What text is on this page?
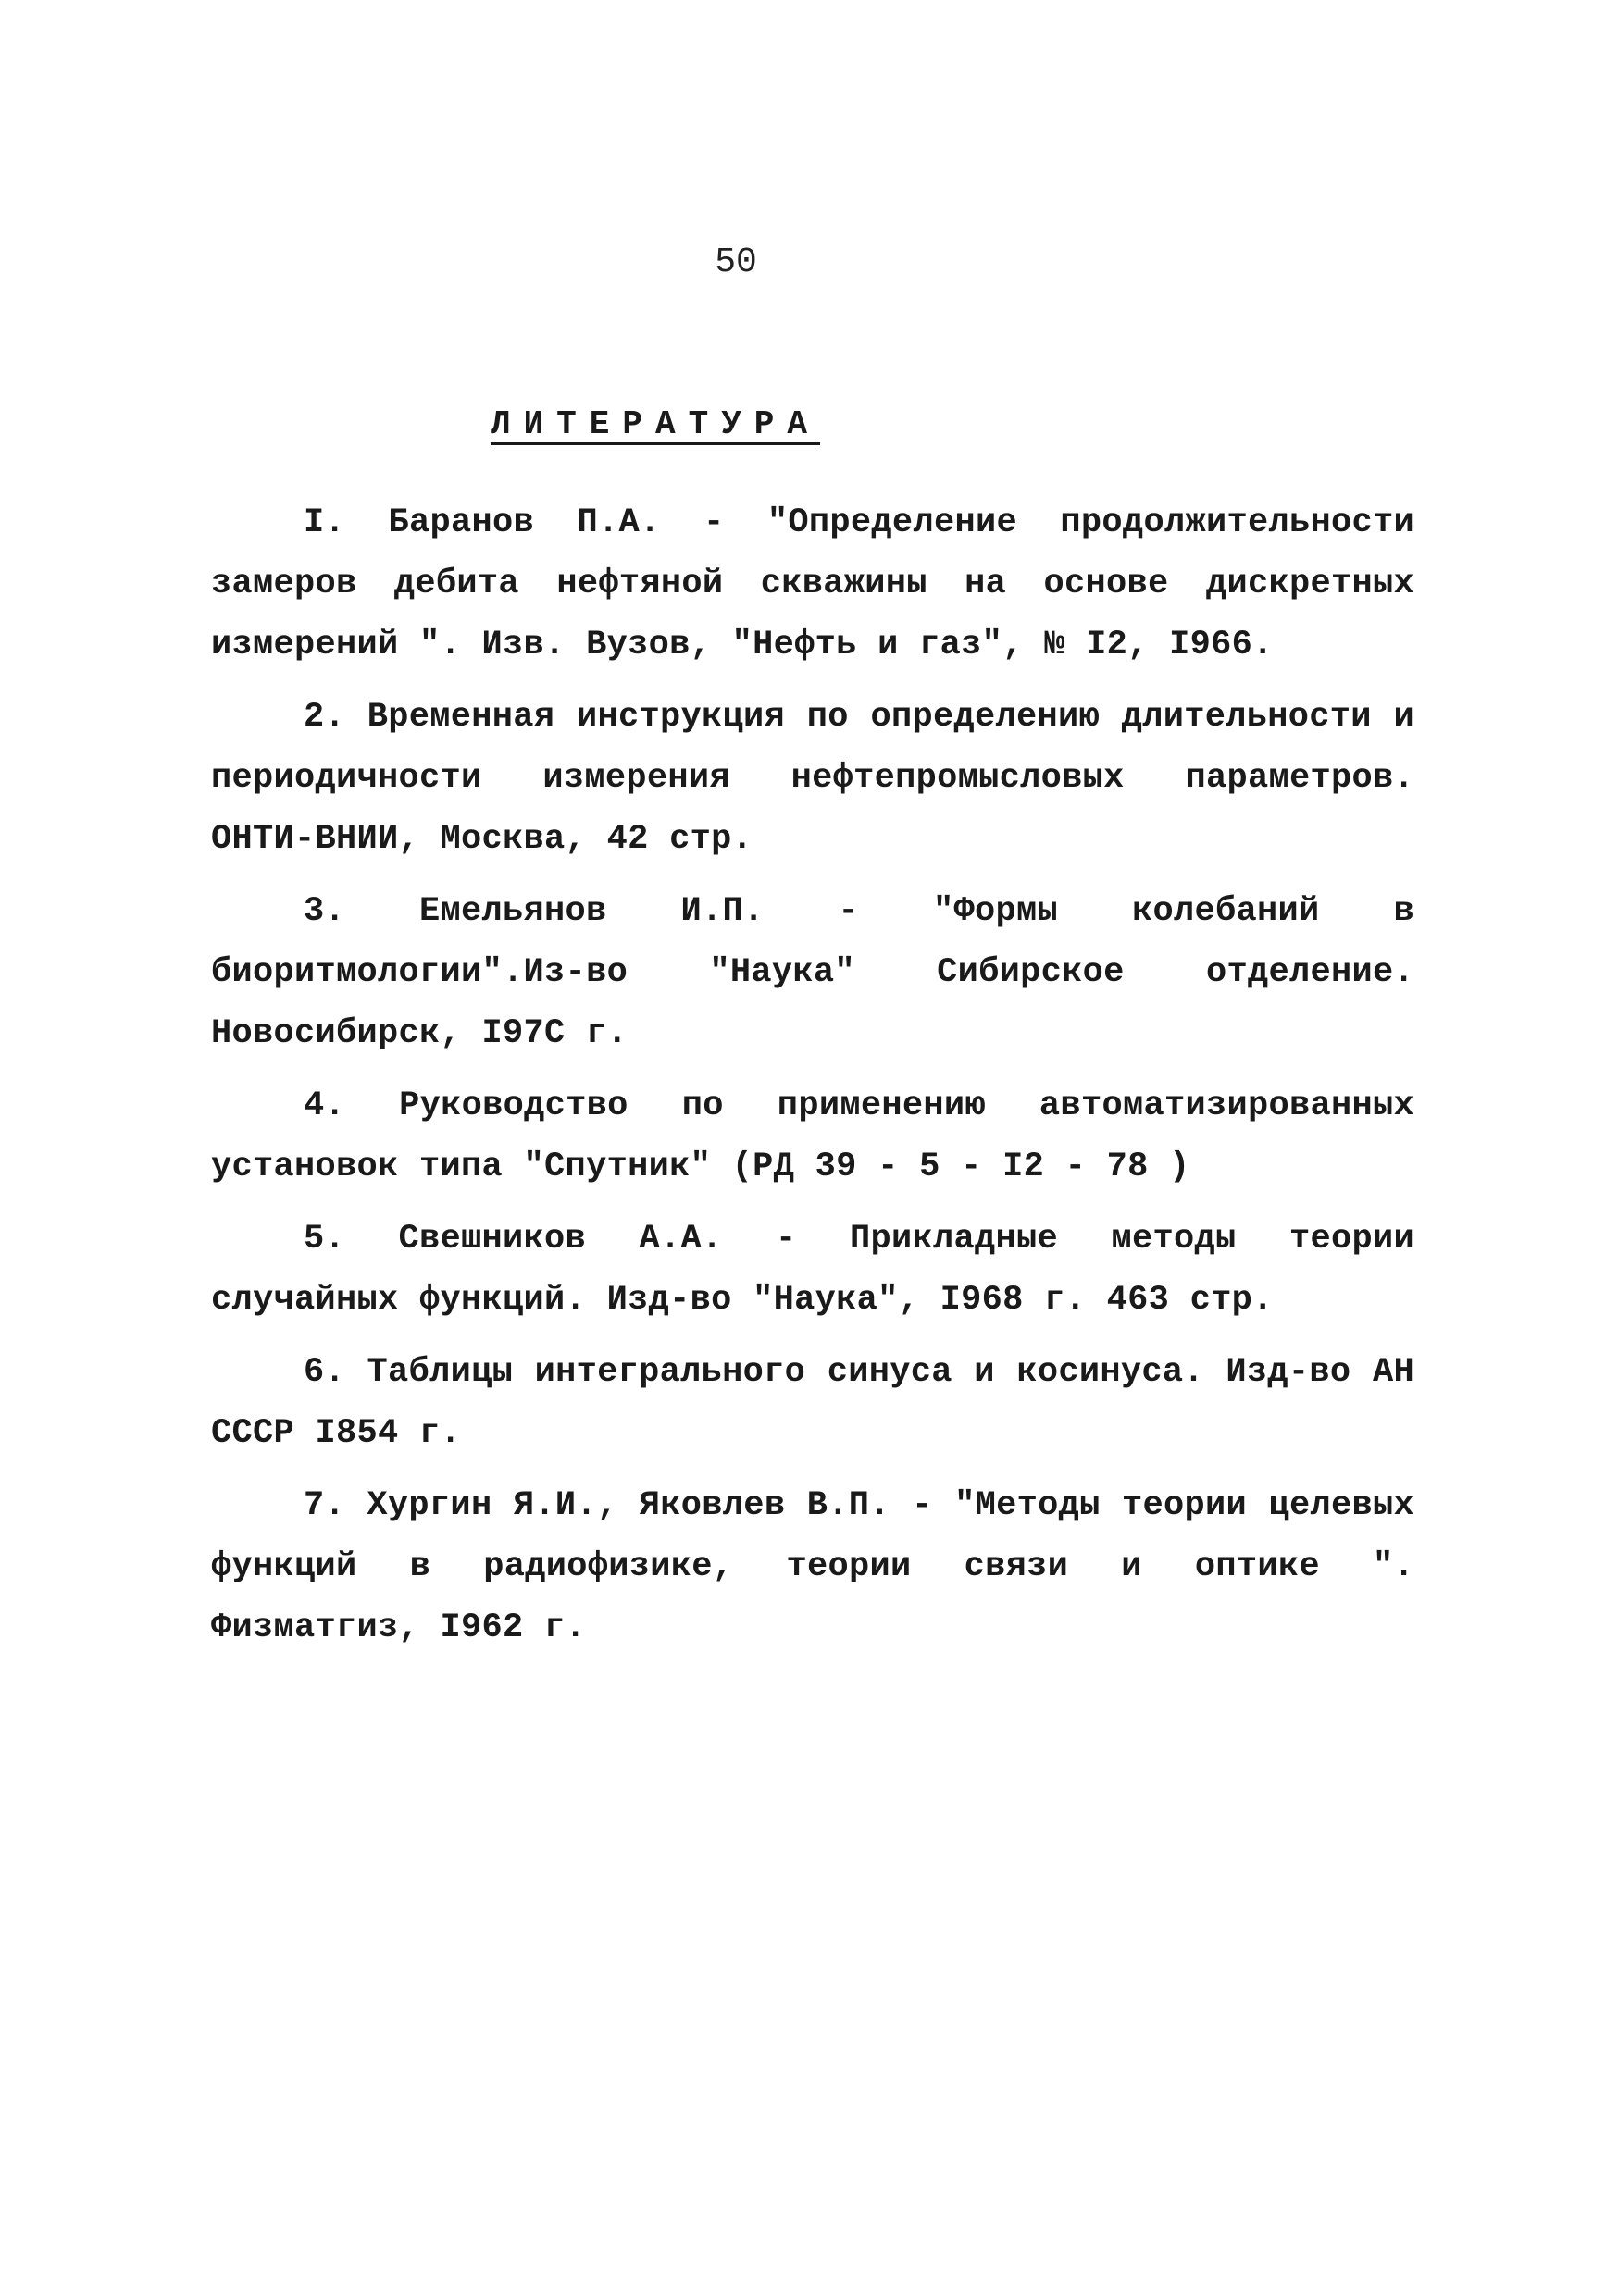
50
ЛИТЕРАТУРА

I. Баранов П.А. - "Определение продолжительности замеров дебита нефтяной скважины на основе дискретных измерений ". Изв. Вузов, "Нефть и газ", № I2, I966.

2. Временная инструкция по определению длительности и периодичности измерения нефтепромысловых параметров. ОНТИ-ВНИИ, Москва, 42 стр.

3. Емельянов И.П. - "Формы колебаний в биоритмологии".Из-во "Наука" Сибирское отделение. Новосибирск, I97С г.

4. Руководство по применению автоматизированных установок типа "Спутник" (РД 39 - 5 - I2 - 78 )

5. Свешников А.А. - Прикладные методы теории случайных функций. Изд-во "Наука", I968 г. 463 стр.

6. Таблицы интегрального синуса и косинуса. Изд-во АН СССР I854 г.

7. Хургин Я.И., Яковлев В.П. - "Методы теории целевых функций в радиофизике, теории связи и оптике ". Физматгиз, I962 г.
